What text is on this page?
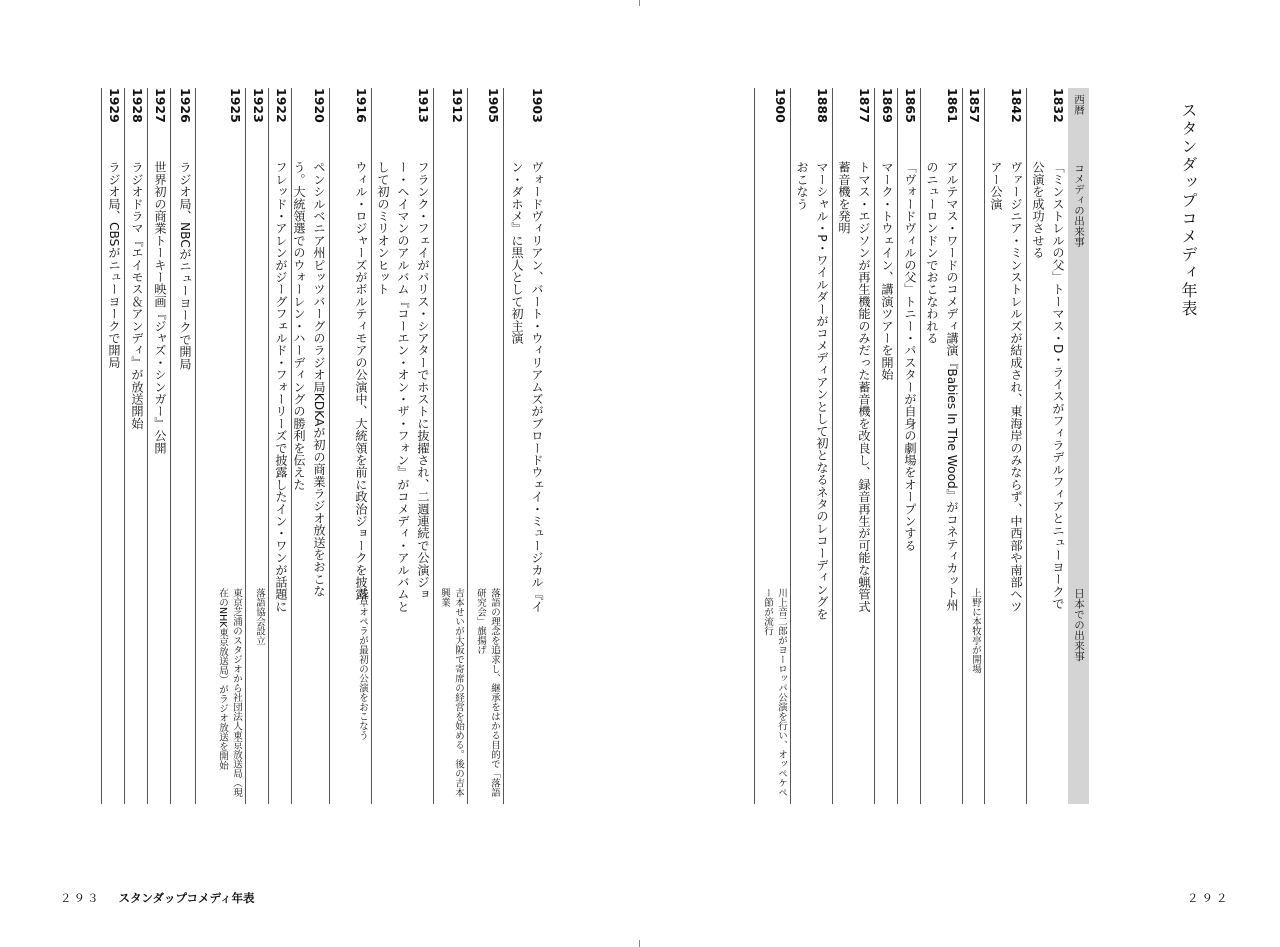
スタンダップコメディ年表
西暦
コメディの出来事
日本での出来事
1832
「ミンストレルの父」トーマス・D・ライスがフィラデルフィアとニューヨークで公演を成功させる
1842
ヴァージニア・ミンストレルズが結成され、東海岸のみならず、中西部や南部ヘツアー公演
1857
上野に本牧亭が開場
1861
アルテマス・ワードのコメディ講演『Babies In The Wood』がコネティカット州のニューロンドンでおこなわれる
1865
「ヴォードヴィルの父」トニー・パスターが自身の劇場をオープンする
1869
マーク・トウェイン、講演ツアーを開始
1877
トマス・エジソンが再生機能のみだった蓄音機を改良し、録音再生が可能な蝋管式蓄音機を発明
1888
マーシャル・P・ワイルダーがコメディアンとして初となるネタのレコーディングをおこなう
1900
川上音二郎がヨーロッパ公演を行い、オッペケペー節が流行
1903
ヴォードヴィリアン、バート・ウィリアムズがブロードウェイ・ミュージカル『イン・ダホメ』に黒人として初主演
1905
落語の理念を追求し、継承をはかる目的で「落語研究会」旗揚げ
1912
吉本せいが大阪で寄席の経営を始める。後の吉本興業
1913
フランク・フェイがパリス・シアターでホストに抜擢され、二週連続で公演ジョー・ヘイマンのアルバム『コーエン・オン・ザ・フォン』がコメディ・アルバムとして初のミリオンヒット
1916
ウィル・ロジャーズがボルティモアの公演中、大統領を前に政治ジョークを披露
浅草オペラが最初の公演をおこなう
1920
ペンシルベニア州ピッツバーグのラジオ局KDKAが初の商業ラジオ放送をおこなう。大統領選でのウォーレン・ハーディングの勝利を伝えた
1922
フレッド・アレンがジーグフェルド・フォーリーズで披露したイン・ワンが話題に
1923
落語協会設立
1925
東京芝浦のスタジオから社団法人東京放送局（現在のNHK東京放送局）がラジオ放送を開始
1926
ラジオ局、NBCがニューヨークで開局
1927
世界初の商業トーキー映画『ジャズ・シンガー』公開
1928
ラジオドラマ『エイモス＆アンディ』が放送開始
1929
ラジオ局、CBSがニューヨークで開局
２９３ スタンダップコメディ年表	２９２
